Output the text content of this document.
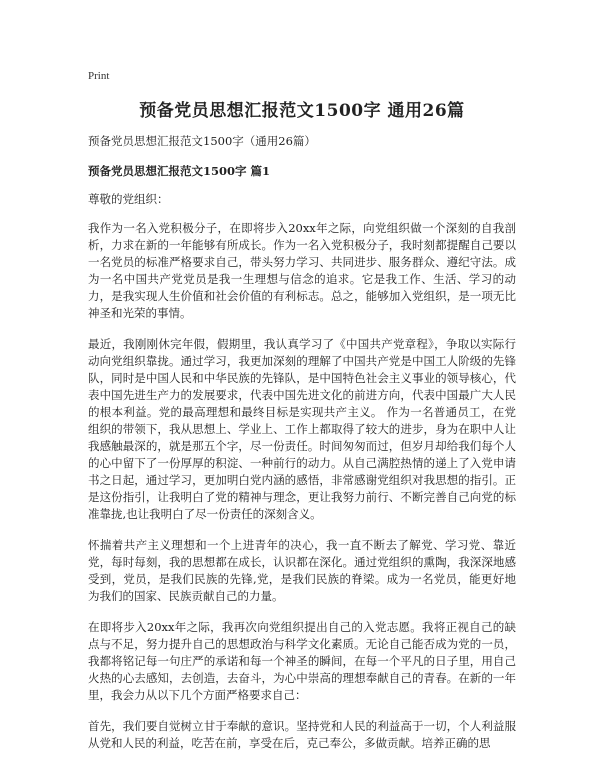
Print
预备党员思想汇报范文1500字 通用26篇

预备党员思想汇报范文1500字（通用26篇）

预备党员思想汇报范文1500字 篇1

尊敬的党组织：

我作为一名入党积极分子，在即将步入20xx年之际，向党组织做一个深刻的自我剖析，力求在新的一年能够有所成长。作为一名入党积极分子，我时刻都提醒自己要以一名党员的标准严格要求自己，带头努力学习、共同进步、服务群众、遵纪守法。成为一名中国共产党党员是我一生理想与信念的追求。它是我工作、生活、学习的动力，是我实现人生价值和社会价值的有利标志。总之，能够加入党组织，是一项无比神圣和光荣的事情。

最近，我刚刚休完年假，假期里，我认真学习了《中国共产党章程》，争取以实际行动向党组织靠拢。通过学习，我更加深刻的理解了中国共产党是中国工人阶级的先锋队，同时是中国人民和中华民族的先锋队，是中国特色社会主义事业的领导核心，代表中国先进生产力的发展要求，代表中国先进文化的前进方向，代表中国最广大人民的根本利益。党的最高理想和最终目标是实现共产主义。 作为一名普通员工，在党组织的带领下，我从思想上、学业上、工作上都取得了较大的进步，身为在职中人让我感触最深的，就是那五个字，尽一份责任。时间匆匆而过，但岁月却给我们每个人的心中留下了一份厚厚的积淀、一种前行的动力。从自己满腔热情的递上了入党申请书之日起，通过学习，更加明白党内涵的感悟，非常感谢党组织对我思想的指引。正是这份指引，让我明白了党的精神与理念，更让我努力前行、不断完善自己向党的标准靠拢,也让我明白了尽一份责任的深刻含义。

怀揣着共产主义理想和一个上进青年的决心，我一直不断去了解党、学习党、靠近党，每时每刻，我的思想都在成长，认识都在深化。通过党组织的熏陶，我深深地感受到，党员，是我们民族的先锋,党，是我们民族的脊梁。成为一名党员，能更好地为我们的国家、民族贡献自己的力量。

在即将步入20xx年之际，我再次向党组织提出自己的入党志愿。我将正视自己的缺点与不足，努力提升自己的思想政治与科学文化素质。无论自己能否成为党的一员，我都将铭记每一句庄严的承诺和每一个神圣的瞬间，在每一个平凡的日子里，用自己火热的心去感知，去创造，去奋斗，为心中崇高的理想奉献自己的青春。在新的一年里，我会力从以下几个方面严格要求自己：

首先，我们要自觉树立甘于奉献的意识。坚持党和人民的利益高于一切，个人利益服从党和人民的利益，吃苦在前，享受在后，克己奉公，多做贡献。培养正确的思
